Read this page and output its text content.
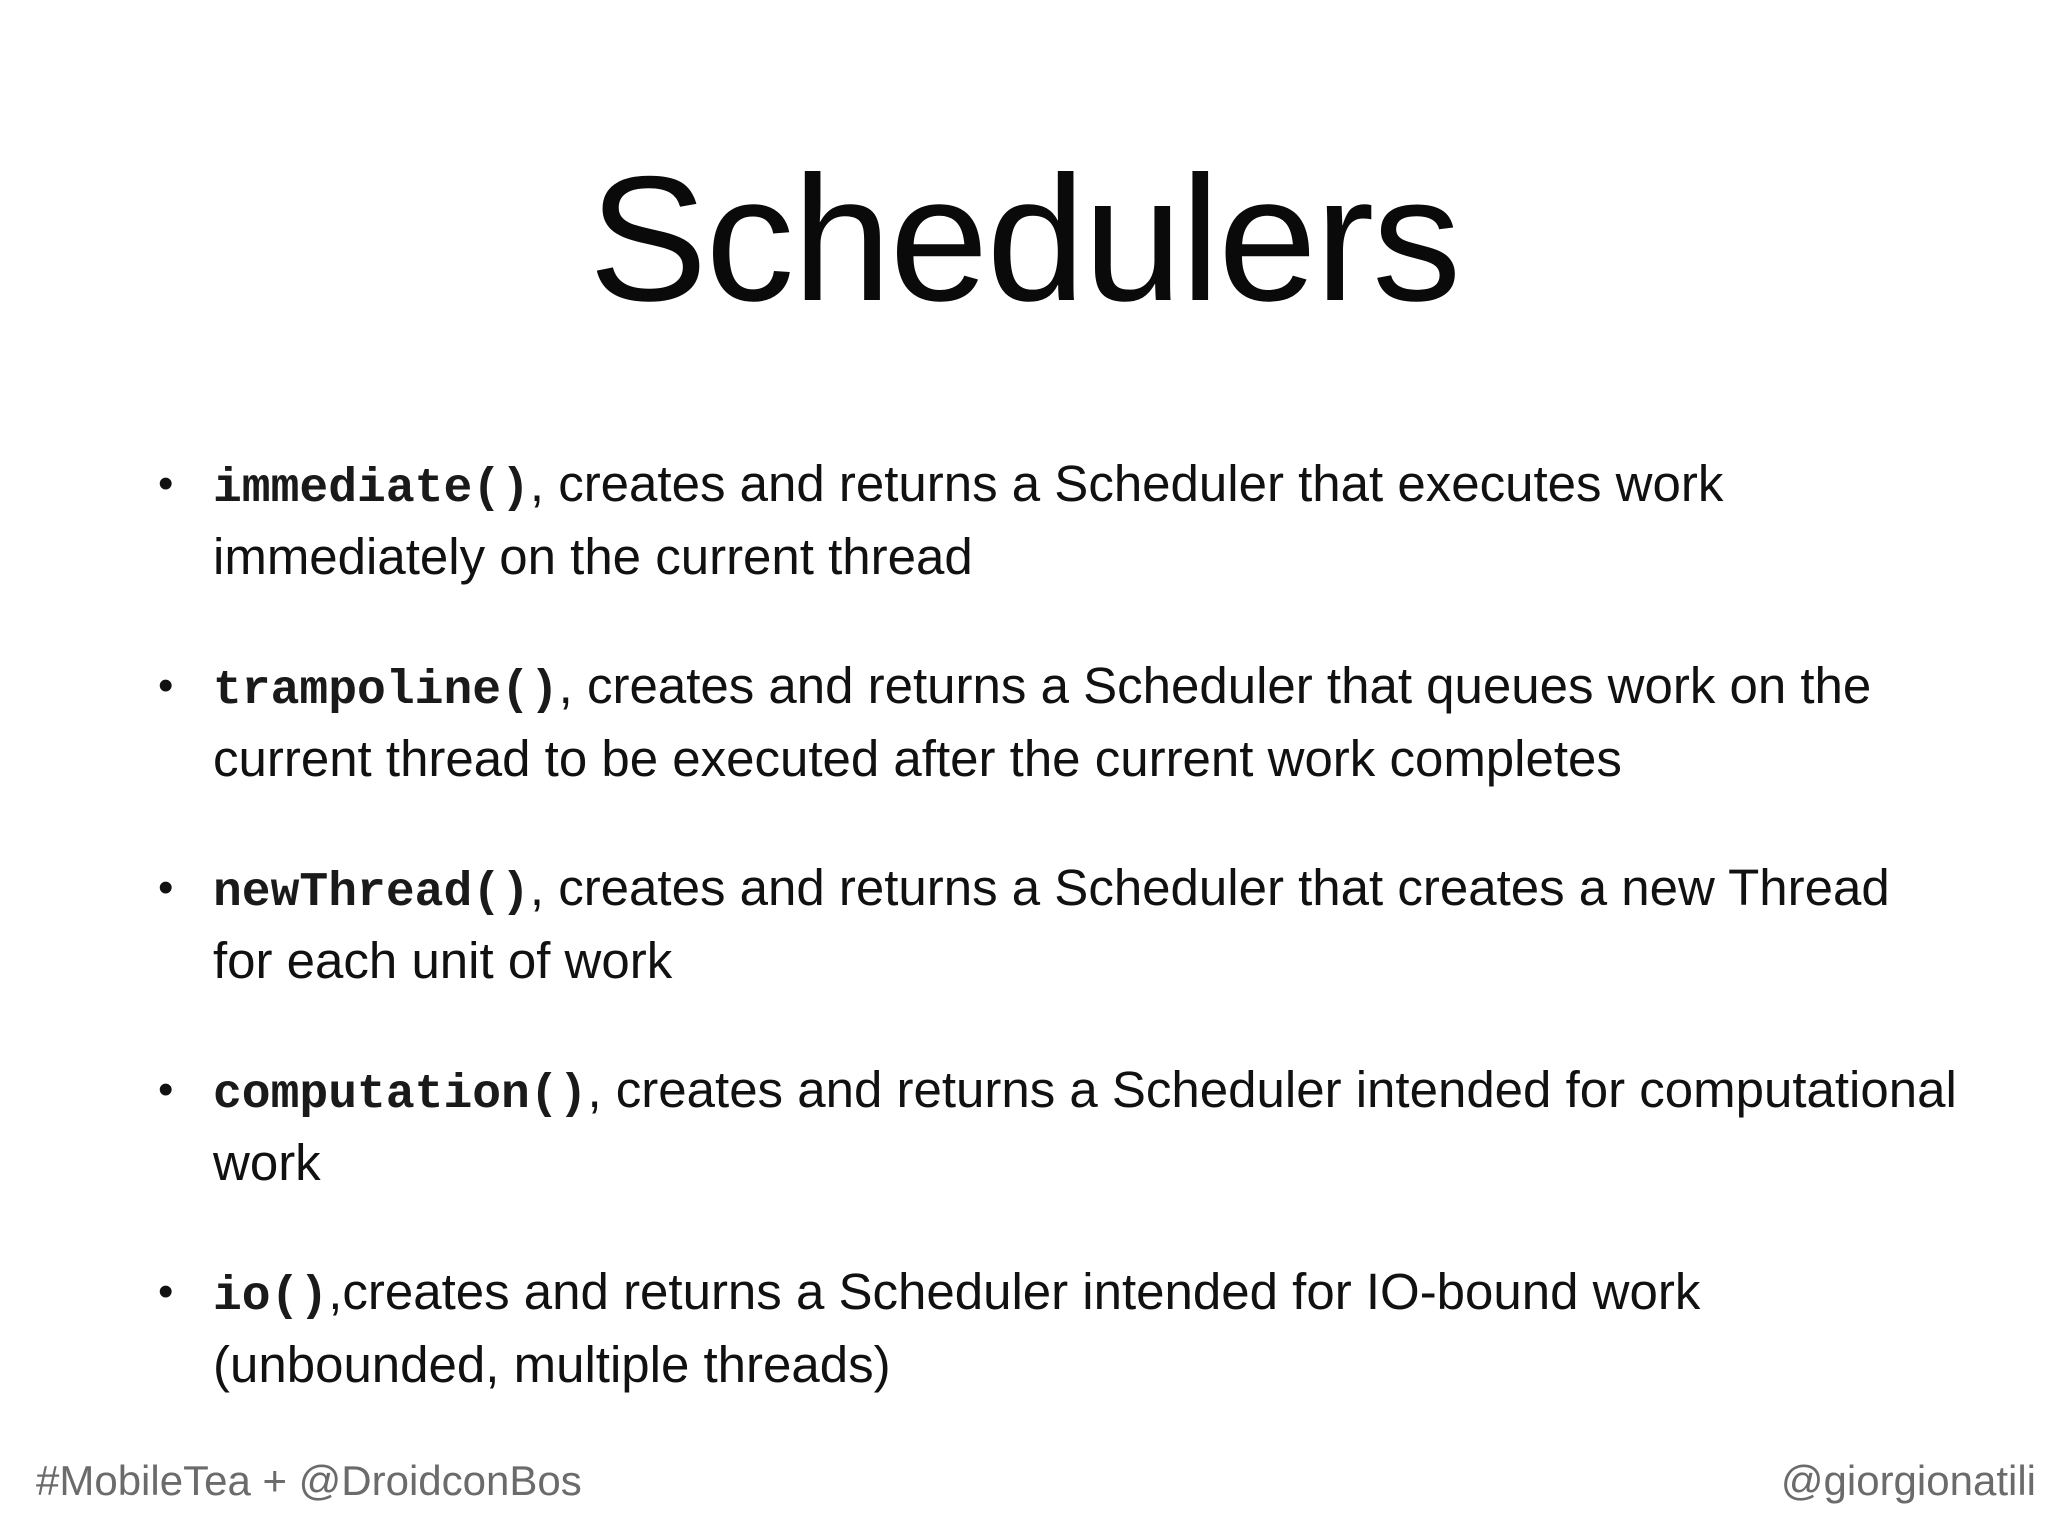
Schedulers
• immediate(), creates and returns a Scheduler that executes work immediately on the current thread
• trampoline(), creates and returns a Scheduler that queues work on the current thread to be executed after the current work completes
• newThread(), creates and returns a Scheduler that creates a new Thread for each unit of work
• computation(), creates and returns a Scheduler intended for computational work
• io(),creates and returns a Scheduler intended for IO-bound work (unbounded, multiple threads)
#MobileTea + @DroidconBos	@giorgionatili
